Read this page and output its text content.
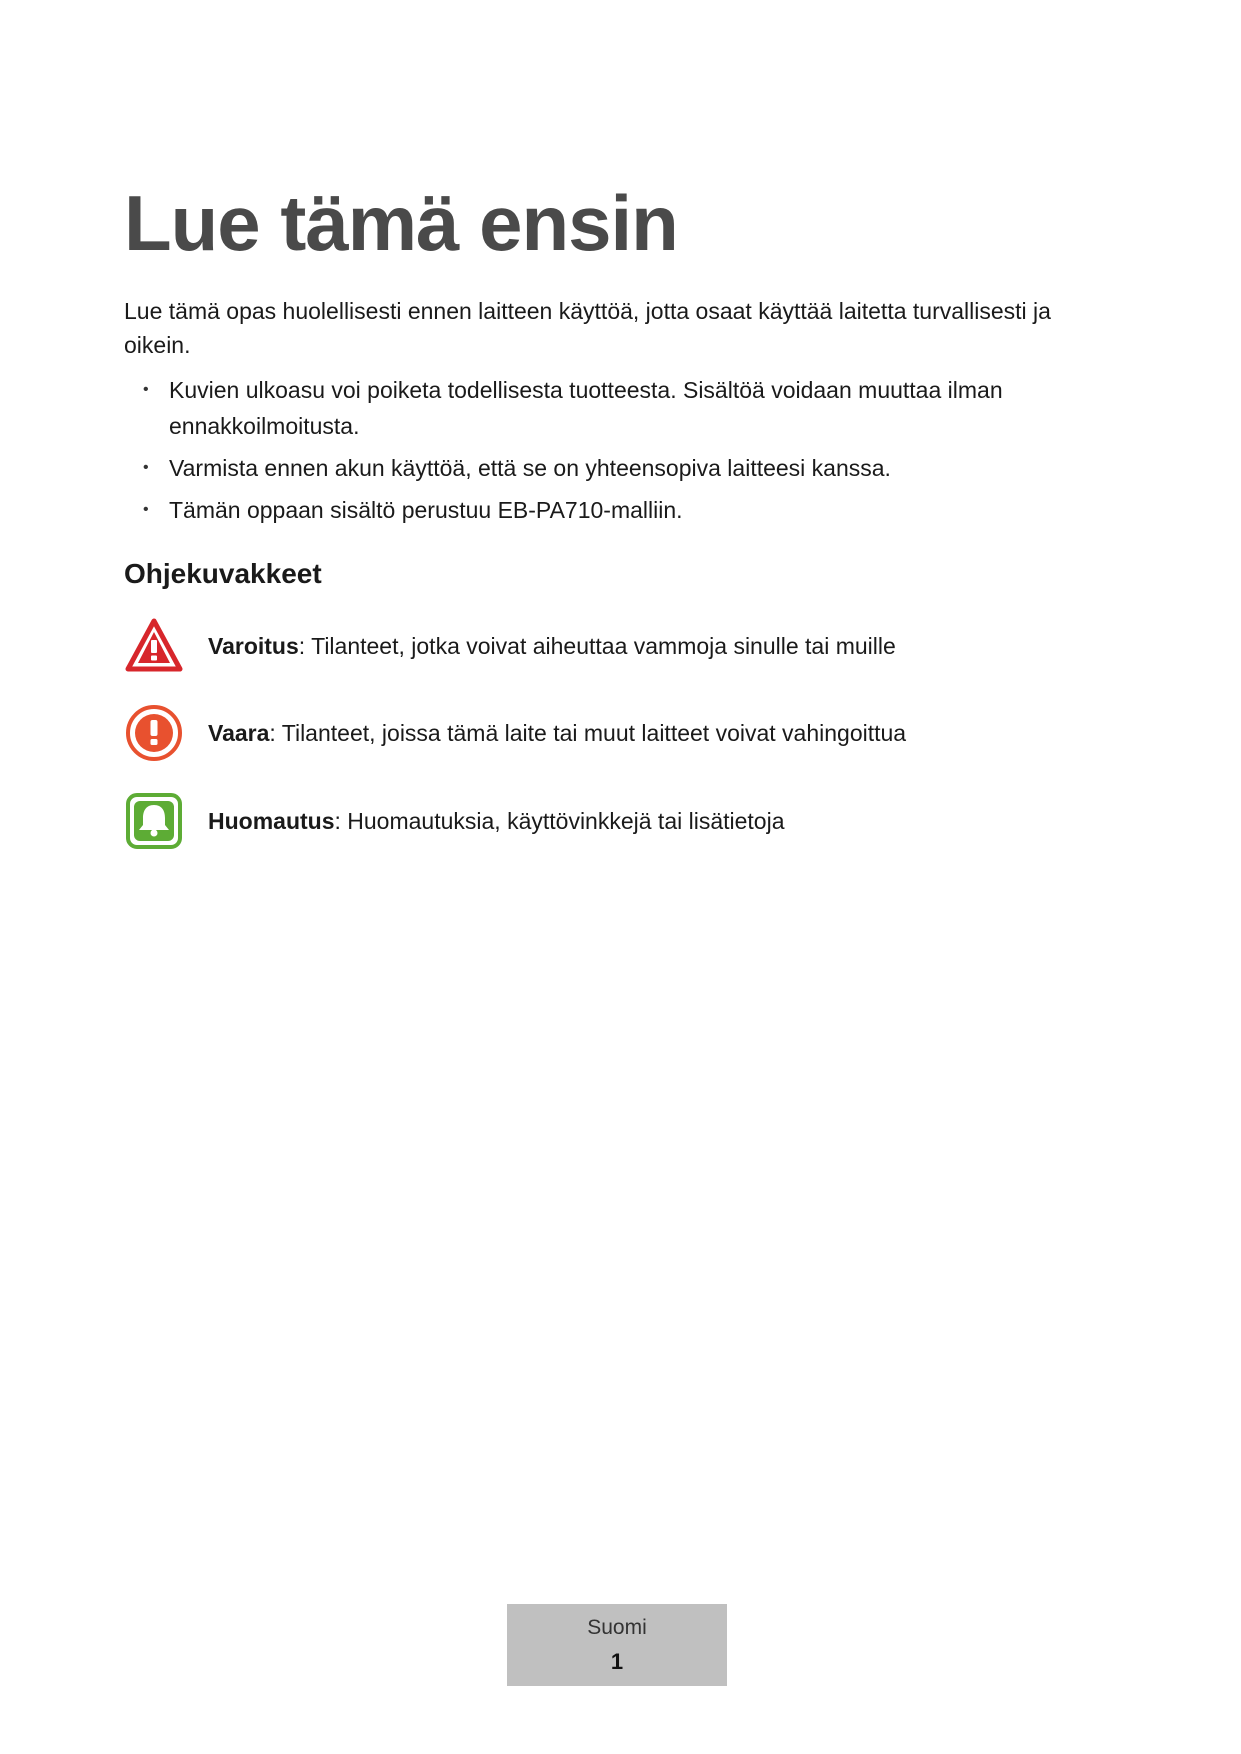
Lue tämä ensin

Lue tämä opas huolellisesti ennen laitteen käyttöä, jotta osaat käyttää laitetta turvallisesti ja oikein.

• Kuvien ulkoasu voi poiketa todellisesta tuotteesta. Sisältöä voidaan muuttaa ilman ennakkoilmoitusta.
• Varmista ennen akun käyttöä, että se on yhteensopiva laitteesi kanssa.
• Tämän oppaan sisältö perustuu EB-PA710-malliin.
Ohjekuvakkeet
Varoitus: Tilanteet, jotka voivat aiheuttaa vammoja sinulle tai muille
Vaara: Tilanteet, joissa tämä laite tai muut laitteet voivat vahingoittua
Huomautus: Huomautuksia, käyttövinkkejä tai lisätietoja
Suomi
1
